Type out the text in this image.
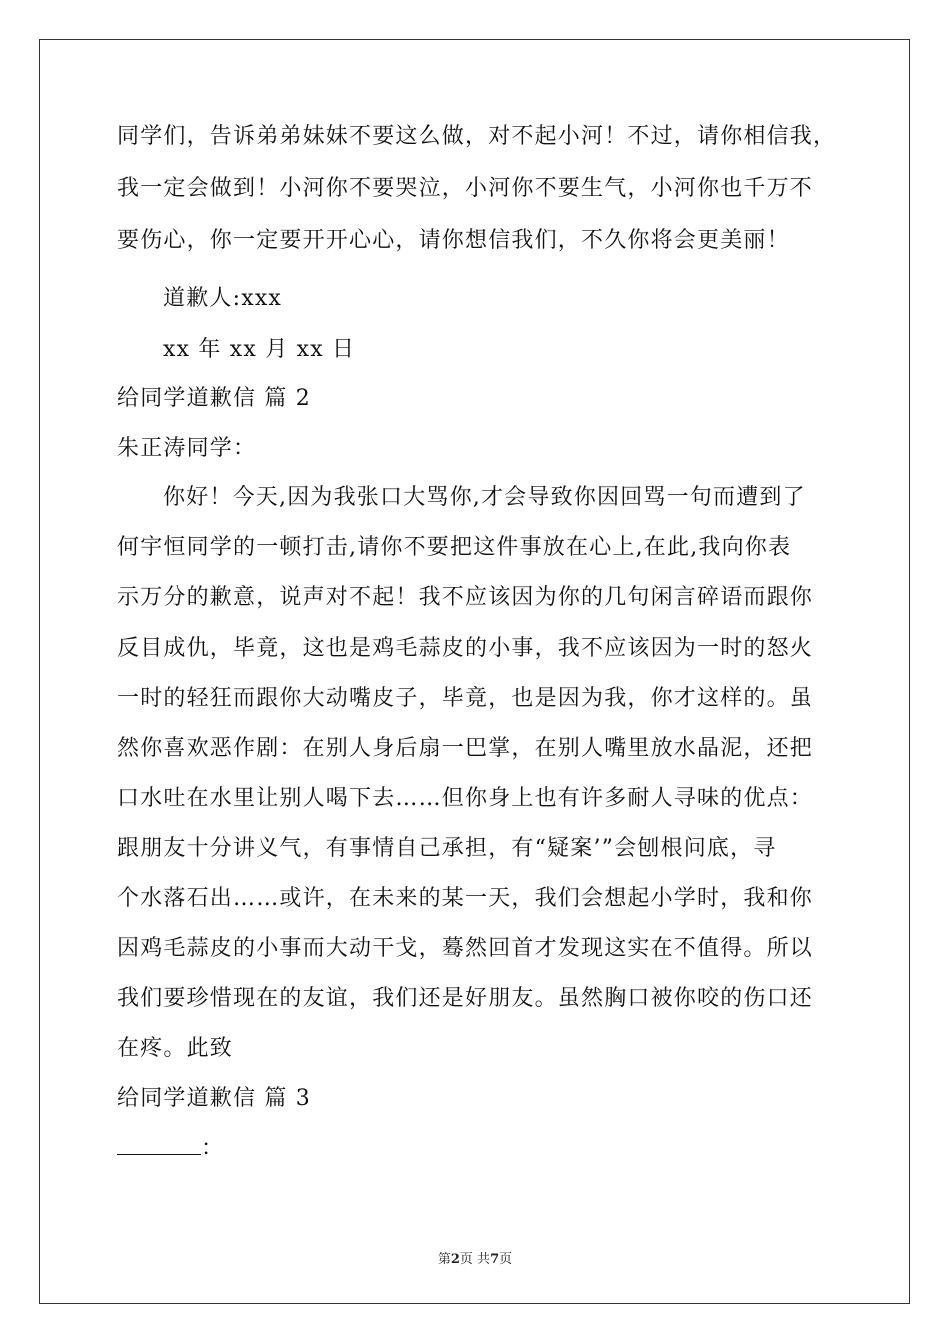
同学们，告诉弟弟妹妹不要这么做，对不起小河！不过，请你相信我，
我一定会做到！小河你不要哭泣，小河你不要生气，小河你也千万不
要伤心，你一定要开开心心，请你想信我们，不久你将会更美丽！
道歉人:xxx
xx 年 xx 月 xx 日
给同学道歉信 篇 2
朱正涛同学：
你好！今天,因为我张口大骂你,才会导致你因回骂一句而遭到了
何宇恒同学的一顿打击,请你不要把这件事放在心上,在此,我向你表
示万分的歉意，说声对不起！我不应该因为你的几句闲言碎语而跟你
反目成仇，毕竟，这也是鸡毛蒜皮的小事，我不应该因为一时的怒火
一时的轻狂而跟你大动嘴皮子，毕竟，也是因为我，你才这样的。虽
然你喜欢恶作剧：在别人身后扇一巴掌，在别人嘴里放水晶泥，还把
口水吐在水里让别人喝下去……但你身上也有许多耐人寻味的优点：
跟朋友十分讲义气，有事情自己承担，有“疑案’”会刨根问底，寻
个水落石出……或许，在未来的某一天，我们会想起小学时，我和你
因鸡毛蒜皮的小事而大动干戈，蓦然回首才发现这实在不值得。所以
我们要珍惜现在的友谊，我们还是好朋友。虽然胸口被你咬的伤口还
在疼。此致
给同学道歉信 篇 3
：
第2页 共7页
